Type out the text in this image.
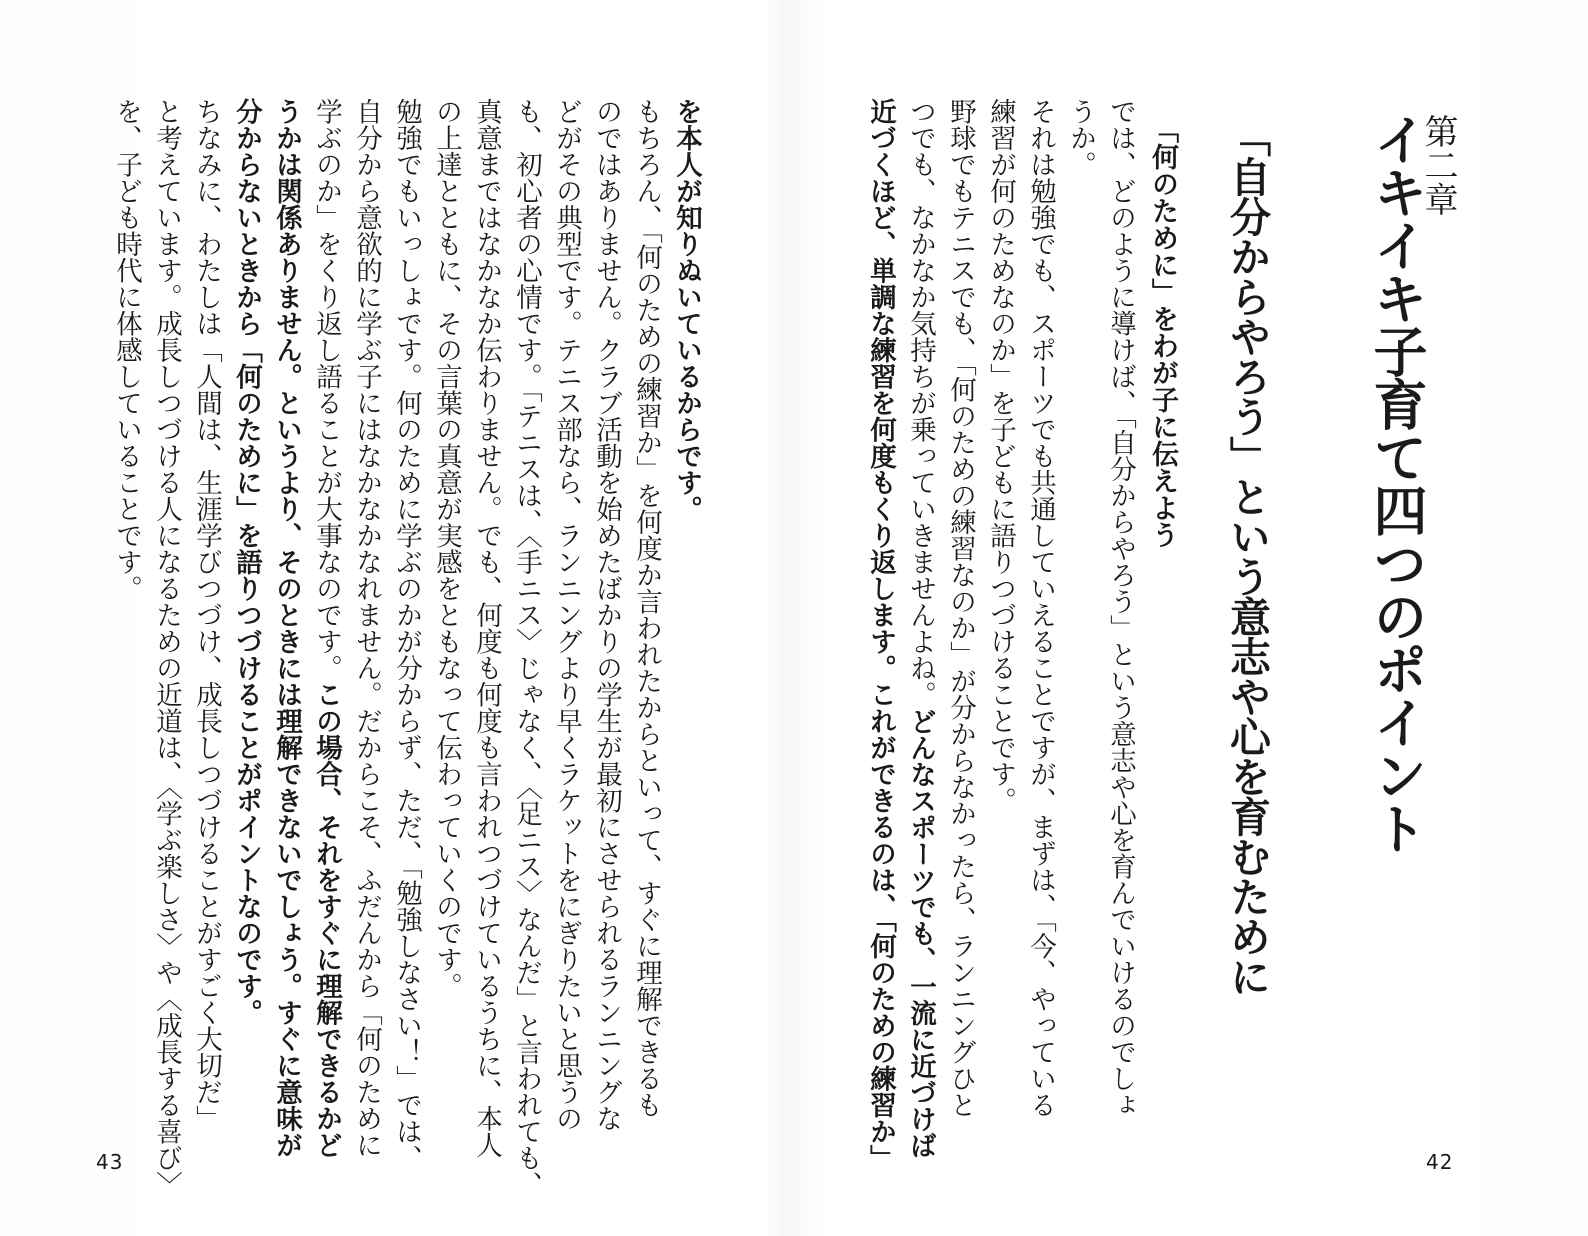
第二章
イキイキ子育て四つのポイント
「自分からやろう」という意志や心を育むために
「何のために」をわが子に伝えよう
では、どのように導けば、「自分からやろう」という意志や心を育んでいけるのでしょ
うか。
それは勉強でも、スポーツでも共通していえることですが、まずは、「今、やっている
練習が何のためなのか」を子どもに語りつづけることです。
野球でもテニスでも、「何のための練習なのか」が分からなかったら、ランニングひと
つでも、なかなか気持ちが乗っていきませんよね。どんなスポーツでも、一流に近づけば
近づくほど、単調な練習を何度もくり返します。これができるのは、「何のための練習か」	42
を本人が知りぬいているからです。
もちろん、「何のための練習か」を何度か言われたからといって、すぐに理解できるも
のではありません。クラブ活動を始めたばかりの学生が最初にさせられるランニングな
どがその典型です。テニス部なら、ランニングより早くラケットをにぎりたいと思うの
も、初心者の心情です。「テニスは、〈手ニス〉じゃなく、〈足ニス〉なんだ」と言われても、
真意まではなかなか伝わりません。でも、何度も何度も言われつづけているうちに、本人
の上達とともに、その言葉の真意が実感をともなって伝わっていくのです。
勉強でもいっしょです。何のために学ぶのかが分からず、ただ、「勉強しなさい！」では、
自分から意欲的に学ぶ子にはなかなかなれません。だからこそ、ふだんから「何のために
学ぶのか」をくり返し語ることが大事なのです。この場合、それをすぐに理解できるかど
うかは関係ありません。というより、そのときには理解できないでしょう。すぐに意味が
分からないときから「何のために」を語りつづけることがポイントなのです。
ちなみに、わたしは「人間は、生涯学びつづけ、成長しつづけることがすごく大切だ」
と考えています。成長しつづける人になるための近道は、〈学ぶ楽しさ〉や〈成長する喜び〉
を、子ども時代に体感していることです。
43
